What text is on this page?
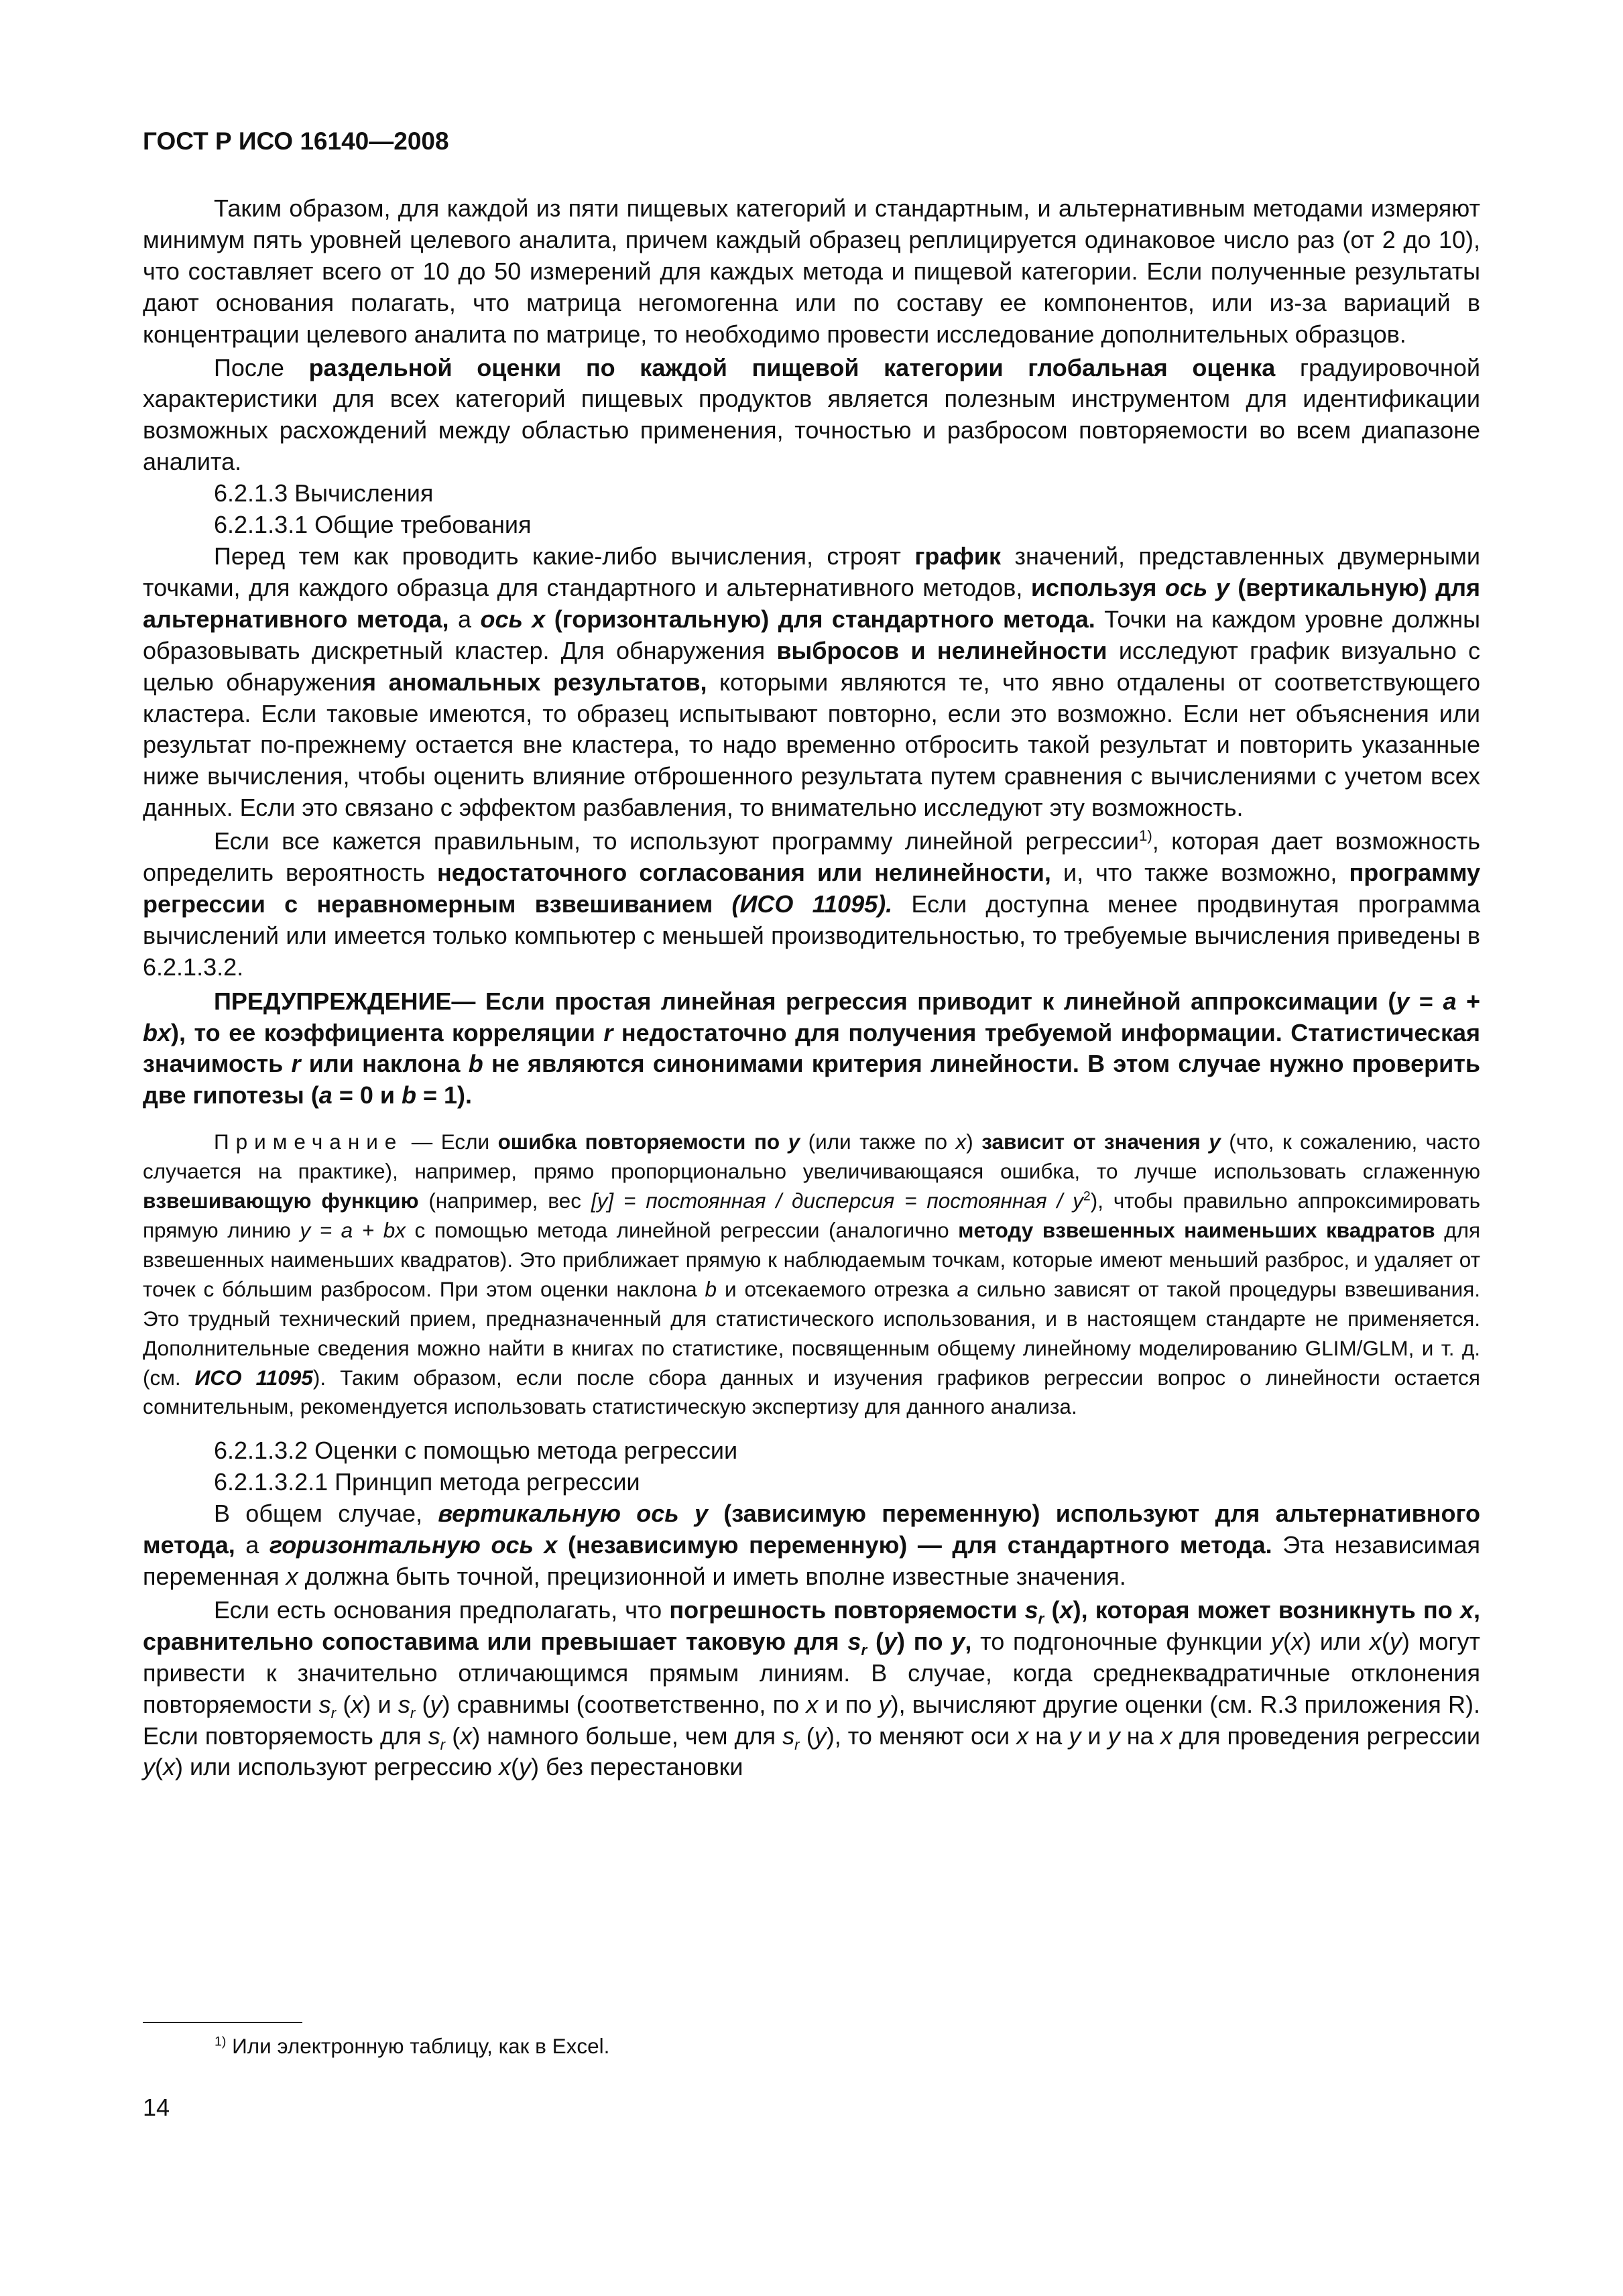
ГОСТ Р ИСО 16140—2008

Таким образом, для каждой из пяти пищевых категорий и стандартным, и альтернативным методами измеряют минимум пять уровней целевого аналита, причем каждый образец реплицируется одинаковое число раз (от 2 до 10), что составляет всего от 10 до 50 измерений для каждых метода и пищевой категории. Если полученные результаты дают основания полагать, что матрица негомогенна или по составу ее компонентов, или из-за вариаций в концентрации целевого аналита по матрице, то необходимо провести исследование дополнительных образцов.

После раздельной оценки по каждой пищевой категории глобальная оценка градуировочной характеристики для всех категорий пищевых продуктов является полезным инструментом для идентификации возможных расхождений между областью применения, точностью и разбросом повторяемости во всем диапазоне аналита.

6.2.1.3 Вычисления

6.2.1.3.1 Общие требования

Перед тем как проводить какие-либо вычисления, строят график значений, представленных двумерными точками, для каждого образца для стандартного и альтернативного методов, используя ось y (вертикальную) для альтернативного метода, а ось x (горизонтальную) для стандартного метода. Точки на каждом уровне должны образовывать дискретный кластер. Для обнаружения выбросов и нелинейности исследуют график визуально с целью обнаружения аномальных результатов, которыми являются те, что явно отдалены от соответствующего кластера. Если таковые имеются, то образец испытывают повторно, если это возможно. Если нет объяснения или результат по-прежнему остается вне кластера, то надо временно отбросить такой результат и повторить указанные ниже вычисления, чтобы оценить влияние отброшенного результата путем сравнения с вычислениями с учетом всех данных. Если это связано с эффектом разбавления, то внимательно исследуют эту возможность.

Если все кажется правильным, то используют программу линейной регрессии$^{1)}$, которая дает возможность определить вероятность недостаточного согласования или нелинейности, и, что также возможно, программу регрессии с неравномерным взвешиванием (ИСО 11095). Если доступна менее продвинутая программа вычислений или имеется только компьютер с меньшей производительностью, то требуемые вычисления приведены в 6.2.1.3.2.

ПРЕДУПРЕЖДЕНИЕ— Если простая линейная регрессия приводит к линейной аппроксимации (y = a + bx), то ее коэффициента корреляции r недостаточно для получения требуемой информации. Статистическая значимость r или наклона b не являются синонимами критерия линейности. В этом случае нужно проверить две гипотезы (a = 0 и b = 1).

Примечание — Если ошибка повторяемости по y (или также по x) зависит от значения y (что, к сожалению, часто случается на практике), например, прямо пропорционально увеличивающаяся ошибка, то лучше использовать сглаженную взвешивающую функцию (например, вес [y] = постоянная / дисперсия = постоянная / $y^2$), чтобы правильно аппроксимировать прямую линию y = a + bx с помощью метода линейной регрессии (аналогично методу взвешенных наименьших квадратов для взвешенных наименьших квадратов). Это приближает прямую к наблюдаемым точкам, которые имеют меньший разброс, и удаляет от точек с бóльшим разбросом. При этом оценки наклона b и отсекаемого отрезка a сильно зависят от такой процедуры взвешивания. Это трудный технический прием, предназначенный для статистического использования, и в настоящем стандарте не применяется. Дополнительные сведения можно найти в книгах по статистике, посвященным общему линейному моделированию GLIM/GLM, и т. д. (см. ИСО 11095). Таким образом, если после сбора данных и изучения графиков регрессии вопрос о линейности остается сомнительным, рекомендуется использовать статистическую экспертизу для данного анализа.

6.2.1.3.2 Оценки с помощью метода регрессии

6.2.1.3.2.1 Принцип метода регрессии

В общем случае, вертикальную ось y (зависимую переменную) используют для альтернативного метода, а горизонтальную ось x (независимую переменную) — для стандартного метода. Эта независимая переменная x должна быть точной, прецизионной и иметь вполне известные значения.

Если есть основания предполагать, что погрешность повторяемости $s_r$ (x), которая может возникнуть по x, сравнительно сопоставима или превышает таковую для $s_r$ (y) по y, то подгоночные функции y(x) или x(y) могут привести к значительно отличающимся прямым линиям. В случае, когда среднеквадратичные отклонения повторяемости $s_r$ (x) и $s_r$ (y) сравнимы (соответственно, по x и по y), вычисляют другие оценки (см. R.3 приложения R). Если повторяемость для $s_r$ (x) намного больше, чем для $s_r$ (y), то меняют оси x на y и y на x для проведения регрессии y(x) или используют регрессию x(y) без перестановки

$^{1)}$ Или электронную таблицу, как в Excel.
14
